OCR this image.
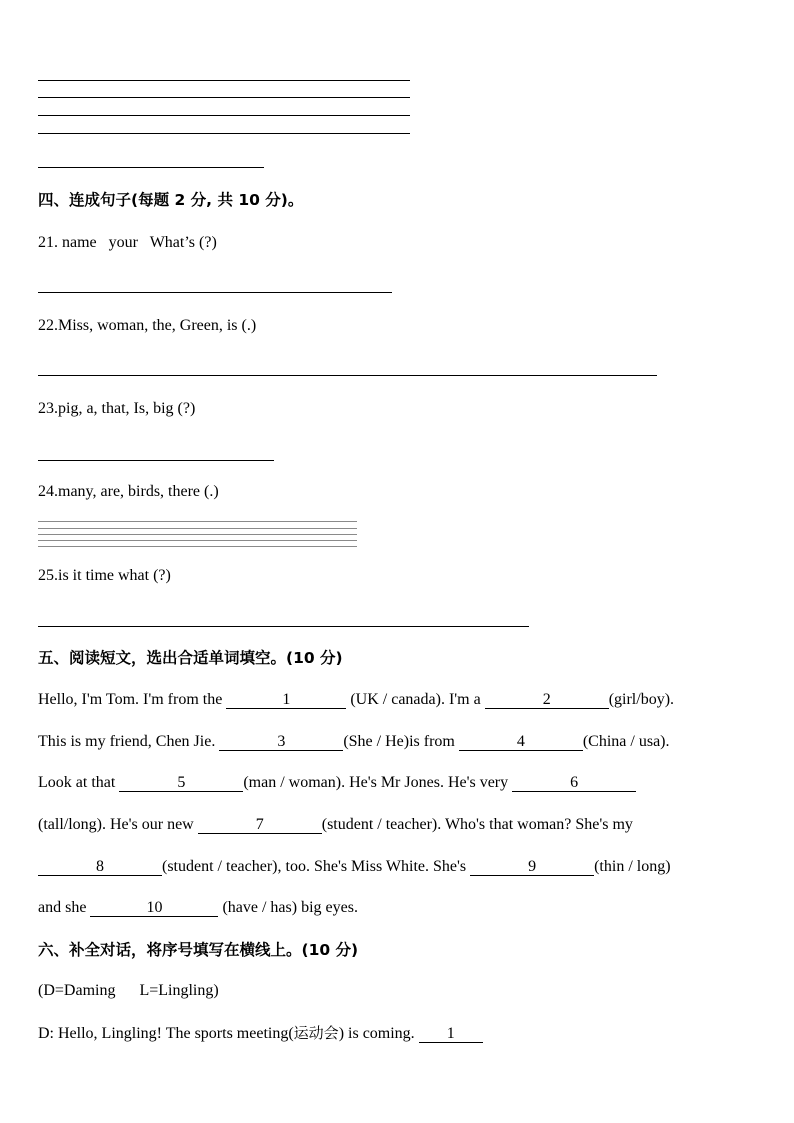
四、连成句子(每题 2 分, 共 10 分)。
21. name   your   What’s (?)
22.Miss, woman, the, Green, is (.)
23.pig, a, that, Is, big (?)
24.many, are, birds, there (.)
25.is it time what (?)
五、阅读短文，选出合适单词填空。(10 分)
Hello, I'm Tom. I'm from the	1	(UK / canada). I'm a	2	(girl/boy).
This is my friend, Chen Jie.	3	(She / He)is from	4	(China / usa).
Look at that	5	(man / woman). He's Mr Jones. He's very	6
(tall/long). He's our new	7	(student / teacher). Who's that woman? She's my
8	(student / teacher), too. She's Miss White. She's	9	(thin / long)
and she	10	(have / has) big eyes.
六、补全对话，将序号填写在横线上。(10 分)
(D=Daming      L=Lingling)
D: Hello, Lingling! The sports meeting(运动会) is coming. 1
